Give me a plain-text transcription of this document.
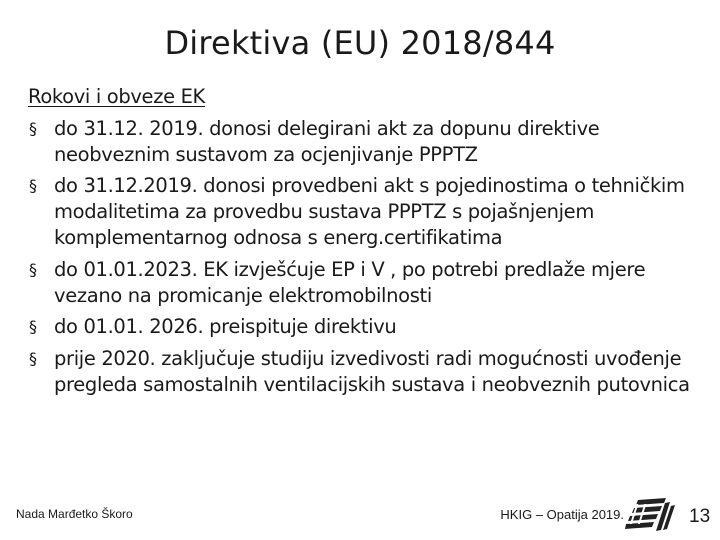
Direktiva (EU) 2018/844
Rokovi i obveze EK
§ do 31.12. 2019. donosi delegirani akt za dopunu direktive neobveznim sustavom za ocjenjivanje PPPTZ
§ do 31.12.2019. donosi provedbeni akt s pojedinostima o tehničkim modalitetima za provedbu sustava PPPTZ s pojašnjenjem komplementarnog odnosa s energ.certifikatima
§ do 01.01.2023. EK izvješćuje EP i V , po potrebi predlaže mjere vezano na promicanje elektromobilnosti
§ do 01.01. 2026. preispituje direktivu
§ prije 2020. zaključuje studiju izvedivosti radi mogućnosti uvođenje pregleda samostalnih ventilacijskih sustava i neobveznih putovnica
Nada Marđetko Škoro	HKIG – Opatija 2019.	13
